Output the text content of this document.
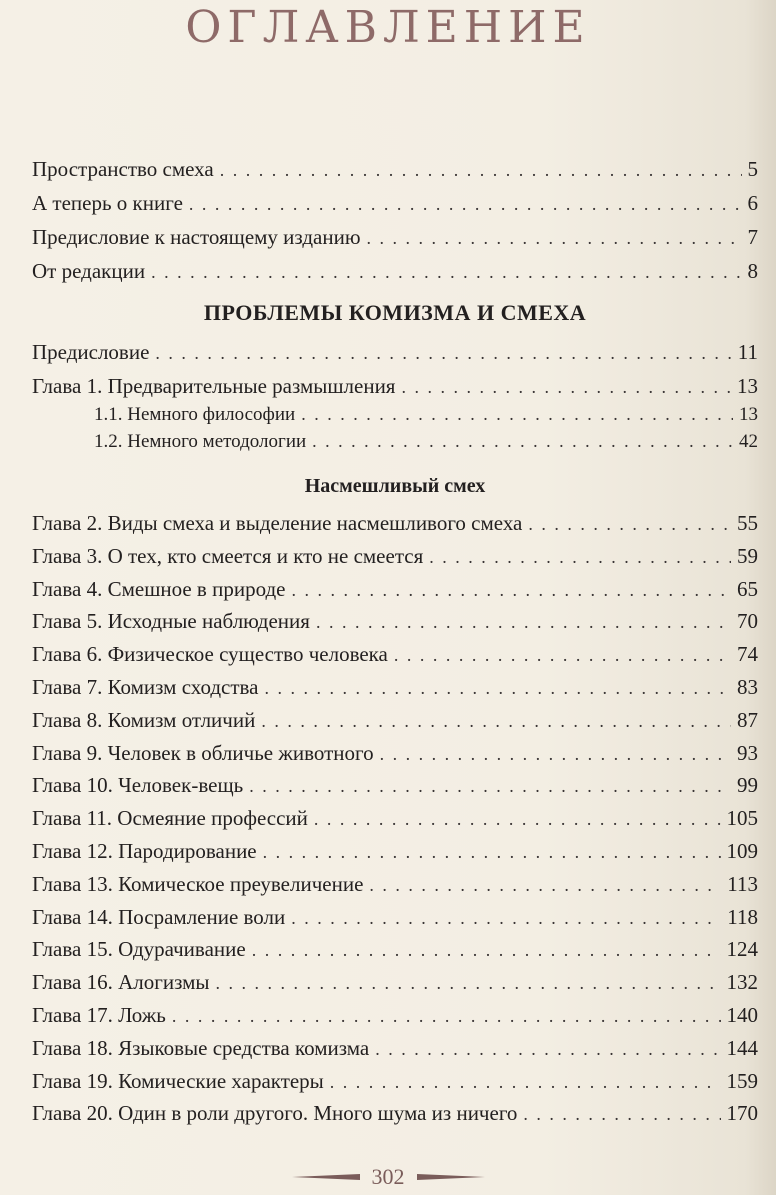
ОГЛАВЛЕНИЕ
Пространство смеха . . .	5
А теперь о книге . . .	6
Предисловие к настоящему изданию . . .	7
От редакции . . .	8
ПРОБЛЕМЫ КОМИЗМА И СМЕХА
Предисловие . . .	11
Глава 1. Предварительные размышления . . .	13
1.1. Немного философии . . .	13
1.2. Немного методологии . . .	42
Насмешливый смех
Глава 2. Виды смеха и выделение насмешливого смеха . . .	55
Глава 3. О тех, кто смеется и кто не смеется . . .	59
Глава 4. Смешное в природе . . .	65
Глава 5. Исходные наблюдения . . .	70
Глава 6. Физическое существо человека . . .	74
Глава 7. Комизм сходства . . .	83
Глава 8. Комизм отличий . . .	87
Глава 9. Человек в обличье животного . . .	93
Глава 10. Человек-вещь . . .	99
Глава 11. Осмеяние профессий . . .	105
Глава 12. Пародирование . . .	109
Глава 13. Комическое преувеличение . . .	113
Глава 14. Посрамление воли . . .	118
Глава 15. Одурачивание . . .	124
Глава 16. Алогизмы . . .	132
Глава 17. Ложь . . .	140
Глава 18. Языковые средства комизма . . .	144
Глава 19. Комические характеры . . .	159
Глава 20. Один в роли другого. Много шума из ничего . . .	170
302
